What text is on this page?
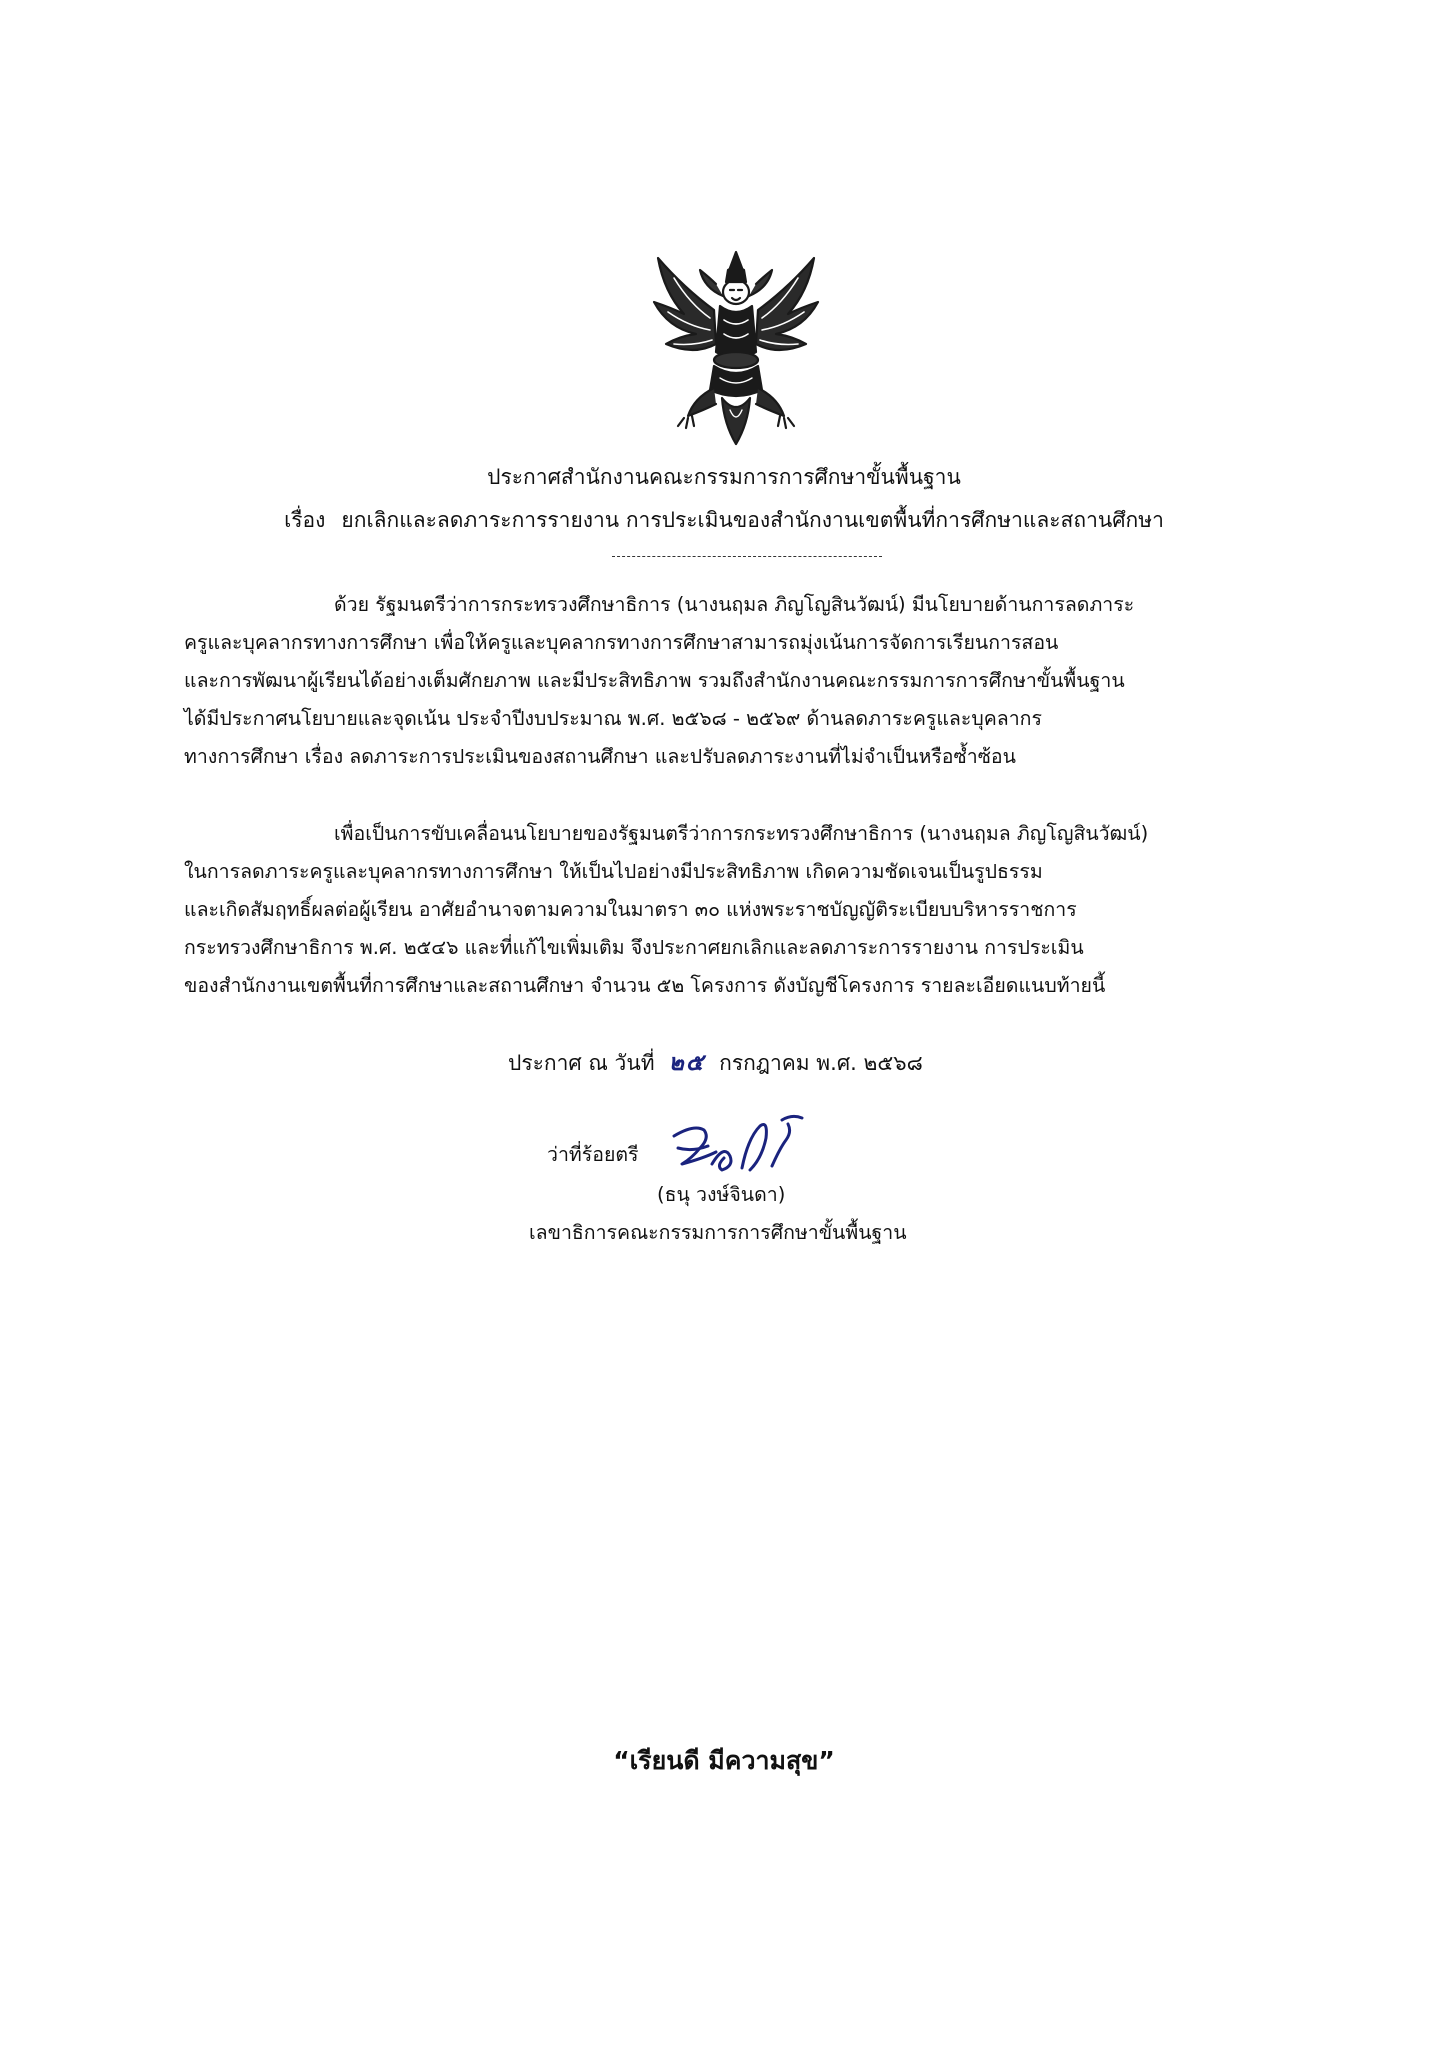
ประกาศสำนักงานคณะกรรมการการศึกษาขั้นพื้นฐาน
เรื่อง ยกเลิกและลดภาระการรายงาน การประเมินของสำนักงานเขตพื้นที่การศึกษาและสถานศึกษา
ด้วย รัฐมนตรีว่าการกระทรวงศึกษาธิการ (นางนฤมล ภิญโญสินวัฒน์) มีนโยบายด้านการลดภาระ
ครูและบุคลากรทางการศึกษา เพื่อให้ครูและบุคลากรทางการศึกษาสามารถมุ่งเน้นการจัดการเรียนการสอน
และการพัฒนาผู้เรียนได้อย่างเต็มศักยภาพ และมีประสิทธิภาพ รวมถึงสำนักงานคณะกรรมการการศึกษาขั้นพื้นฐาน
ได้มีประกาศนโยบายและจุดเน้น ประจำปีงบประมาณ พ.ศ. ๒๕๖๘ - ๒๕๖๙ ด้านลดภาระครูและบุคลากร
ทางการศึกษา เรื่อง ลดภาระการประเมินของสถานศึกษา และปรับลดภาระงานที่ไม่จำเป็นหรือซ้ำซ้อน
เพื่อเป็นการขับเคลื่อนนโยบายของรัฐมนตรีว่าการกระทรวงศึกษาธิการ (นางนฤมล ภิญโญสินวัฒน์)
ในการลดภาระครูและบุคลากรทางการศึกษา ให้เป็นไปอย่างมีประสิทธิภาพ เกิดความชัดเจนเป็นรูปธรรม
และเกิดสัมฤทธิ์ผลต่อผู้เรียน อาศัยอำนาจตามความในมาตรา ๓๐ แห่งพระราชบัญญัติระเบียบบริหารราชการ
กระทรวงศึกษาธิการ พ.ศ. ๒๕๔๖ และที่แก้ไขเพิ่มเติม จึงประกาศยกเลิกและลดภาระการรายงาน การประเมิน
ของสำนักงานเขตพื้นที่การศึกษาและสถานศึกษา จำนวน ๕๒ โครงการ ดังบัญชีโครงการ รายละเอียดแนบท้ายนี้
ประกาศ ณ วันที่ ๒๕ กรกฎาคม พ.ศ. ๒๕๖๘
ว่าที่ร้อยตรี
(ธนุ วงษ์จินดา)
เลขาธิการคณะกรรมการการศึกษาขั้นพื้นฐาน
“เรียนดี มีความสุข”
